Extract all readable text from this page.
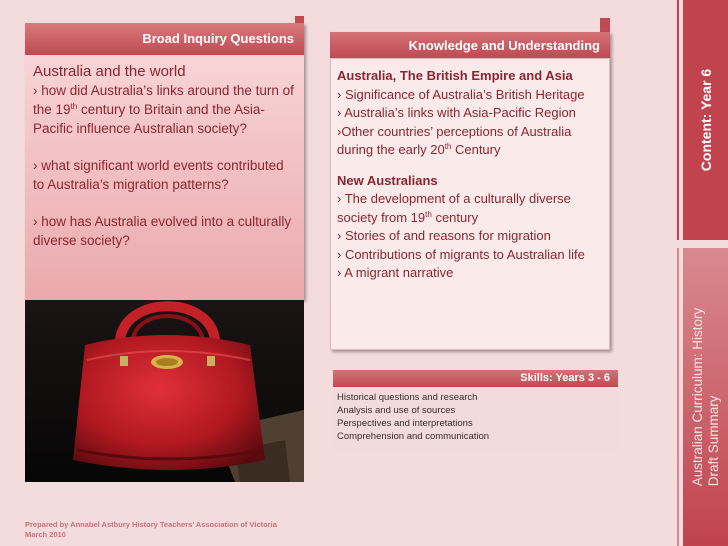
Broad Inquiry Questions

Australia and the world

› how did Australia’s links around the turn of the 19th century to Britain and the Asia-Pacific influence Australian society?

› what significant world events contributed to Australia’s migration patterns?

› how has Australia evolved into a culturally diverse society?

Knowledge and Understanding

Australia, The British Empire and Asia

› Significance of Australia’s British Heritage

› Australia’s links with Asia-Pacific Region

›Other countries’ perceptions of Australia during the early 20th Century

New Australians

› The development of a culturally diverse society from 19th century

› Stories of and reasons for migration

› Contributions of migrants to Australian life

› A migrant narrative

Skills: Years 3 - 6

Historical questions and research

Analysis and use of sources

Perspectives and interpretations

Comprehension and communication

Prepared by Annabel Astbury History Teachers’ Association of Victoria

March 2010

Content: Year 6

Australian Curriculum: History Draft Summary
